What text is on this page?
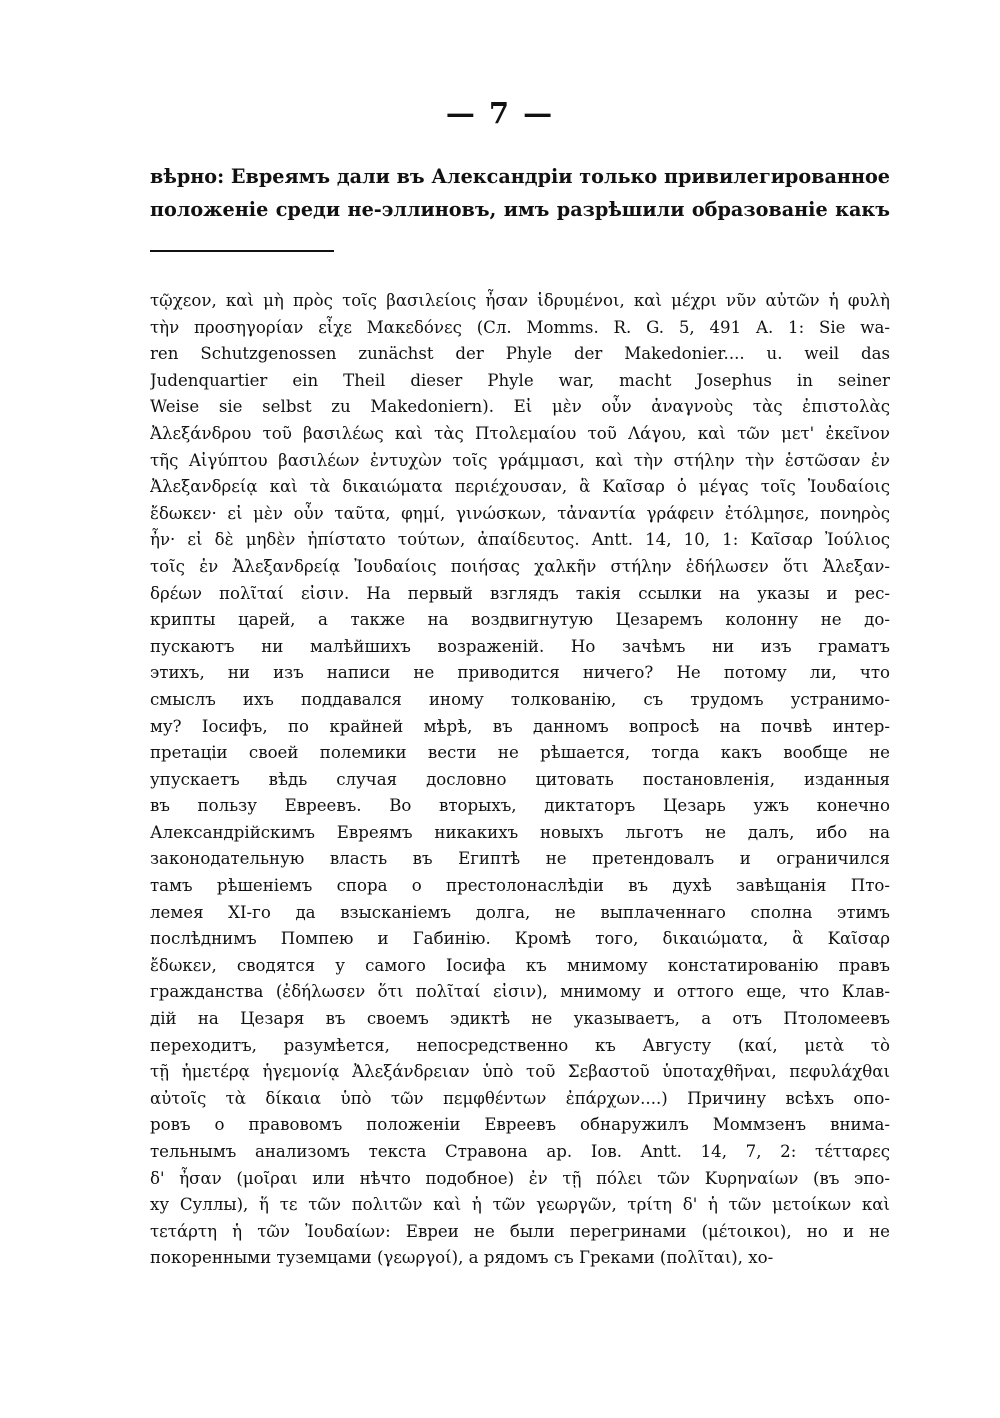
— 7 —
вѣрно: Евреямъ дали въ Александріи только привилегированное
положеніе среди не-эллиновъ, имъ разрѣшили образованіе какъ
τῷχεον, καὶ μὴ πρὸς τοῖς βασιλείοις ἦσαν ἱδρυμένοι, καὶ μέχρι νῦν αὐτῶν ἡ φυλὴ
τὴν προσηγορίαν εἶχε Μακεδόνες (Сл. Momms. R. G. 5, 491 A. 1: Sie wa-
ren Schutzgenossen zunächst der Phyle der Makedonier.... u. weil das
Judenquartier ein Theil dieser Phyle war, macht Josephus in seiner
Weise sie selbst zu Makedoniern). Εἰ μὲν οὖν ἀναγνοὺς τὰς ἐπιστολὰς
Ἀλεξάνδρου τοῦ βασιλέως καὶ τὰς Πτολεμαίου τοῦ Λάγου, καὶ τῶν μετ' ἐκεῖνον
τῆς Αἰγύπτου βασιλέων ἐντυχὼν τοῖς γράμμασι, καὶ τὴν στήλην τὴν ἑστῶσαν ἐν
Ἀλεξανδρείᾳ καὶ τὰ δικαιώματα περιέχουσαν, ἃ Καῖσαρ ὁ μέγας τοῖς Ἰουδαίοις
ἔδωκεν· εἰ μὲν οὖν ταῦτα, φημί, γινώσκων, τἀναντία γράφειν ἐτόλμησε, πονηρὸς
ἦν· εἰ δὲ μηδὲν ἠπίστατο τούτων, ἀπαίδευτος. Antt. 14, 10, 1: Καῖσαρ Ἰούλιος
τοῖς ἐν Ἀλεξανδρείᾳ Ἰουδαίοις ποιήσας χαλκῆν στήλην ἐδήλωσεν ὅτι Ἀλεξαν-
δρέων πολῖταί εἰσιν. На первый взглядъ такія ссылки на указы и рес-
крипты царей, а также на воздвигнутую Цезаремъ колонну не до-
пускаютъ ни малѣйшихъ возраженій. Но зачѣмъ ни изъ граматъ
этихъ, ни изъ написи не приводится ничего? Не потому ли, что
смыслъ ихъ поддавался иному толкованію, съ трудомъ устранимо-
му? Іосифъ, по крайней мѣрѣ, въ данномъ вопросѣ на почвѣ интер-
претаціи своей полемики вести не рѣшается, тогда какъ вообще не
упускаетъ вѣдь случая дословно цитовать постановленія, изданныя
въ пользу Евреевъ. Во вторыхъ, диктаторъ Цезарь ужъ конечно
Александрійскимъ Евреямъ никакихъ новыхъ льготъ не далъ, ибо на
законодательную власть въ Египтѣ не претендовалъ и ограничился
тамъ рѣшеніемъ спора о престолонаслѣдіи въ духѣ завѣщанія Пто-
лемея XI-го да взысканіемъ долга, не выплаченнаго сполна этимъ
послѣднимъ Помпею и Габинію. Кромѣ того, δικαιώματα, ἃ Καῖσαρ
ἔδωκεν, сводятся у самого Іосифа къ мнимому констатированію правъ
гражданства (ἐδήλωσεν ὅτι πολῖταί εἰσιν), мнимому и оттого еще, что Клав-
дій на Цезаря въ своемъ эдиктѣ не указываетъ, а отъ Птоломеевъ
переходитъ, разумѣется, непосредственно къ Августу (καί, μετὰ τὸ
τῇ ἡμετέρᾳ ἡγεμονίᾳ Ἀλεξάνδρειαν ὑπὸ τοῦ Σεβαστοῦ ὑποταχθῆναι, πεφυλάχθαι
αὐτοῖς τὰ δίκαια ὑπὸ τῶν πεμφθέντων ἐπάρχων....) Причину всѣхъ опо-
ровъ о правовомъ положеніи Евреевъ обнаружилъ Моммзенъ внима-
тельнымъ анализомъ текста Стравона ар. Іов. Antt. 14, 7, 2: τέτταρες
δ' ἦσαν (μοῖραι или нѣчто подобное) ἐν τῇ πόλει τῶν Κυρηναίων (въ эпо-
ху Суллы), ἥ τε τῶν πολιτῶν καὶ ἡ τῶν γεωργῶν, τρίτη δ' ἡ τῶν μετοίκων καὶ
τετάρτη ἡ τῶν Ἰουδαίων: Евреи не были перегринами (μέτοικοι), но и не
покоренными туземцами (γεωργοί), а рядомъ съ Греками (πολῖται), хо-
